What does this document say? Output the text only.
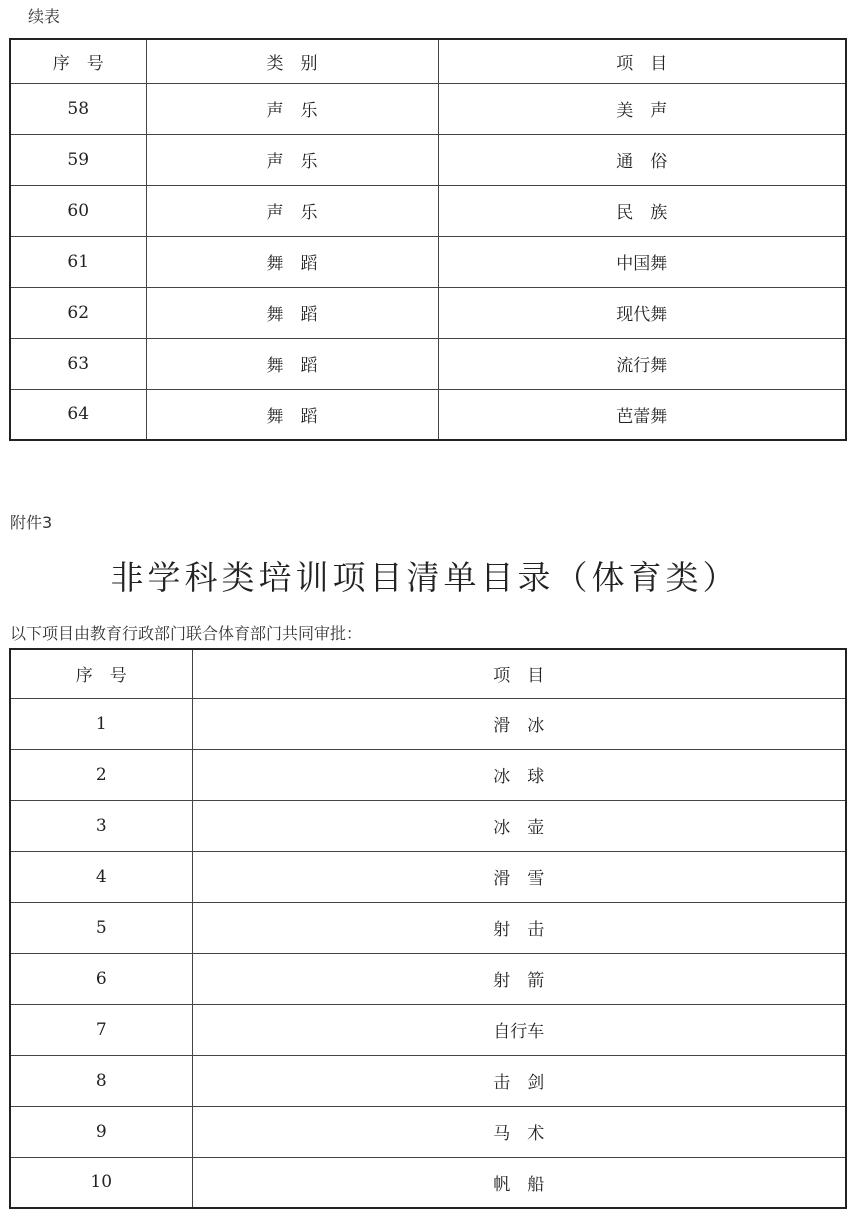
续表
序　号	类　别	项　目
58	声　乐	美　声
59	声　乐	通　俗
60	声　乐	民　族
61	舞　蹈	中国舞
62	舞　蹈	现代舞
63	舞　蹈	流行舞
64	舞　蹈	芭蕾舞
附件3
非学科类培训项目清单目录（体育类）
以下项目由教育行政部门联合体育部门共同审批：
序　号	项　目
1	滑　冰
2	冰　球
3	冰　壶
4	滑　雪
5	射　击
6	射　箭
7	自行车
8	击　剑
9	马　术
10	帆　船
